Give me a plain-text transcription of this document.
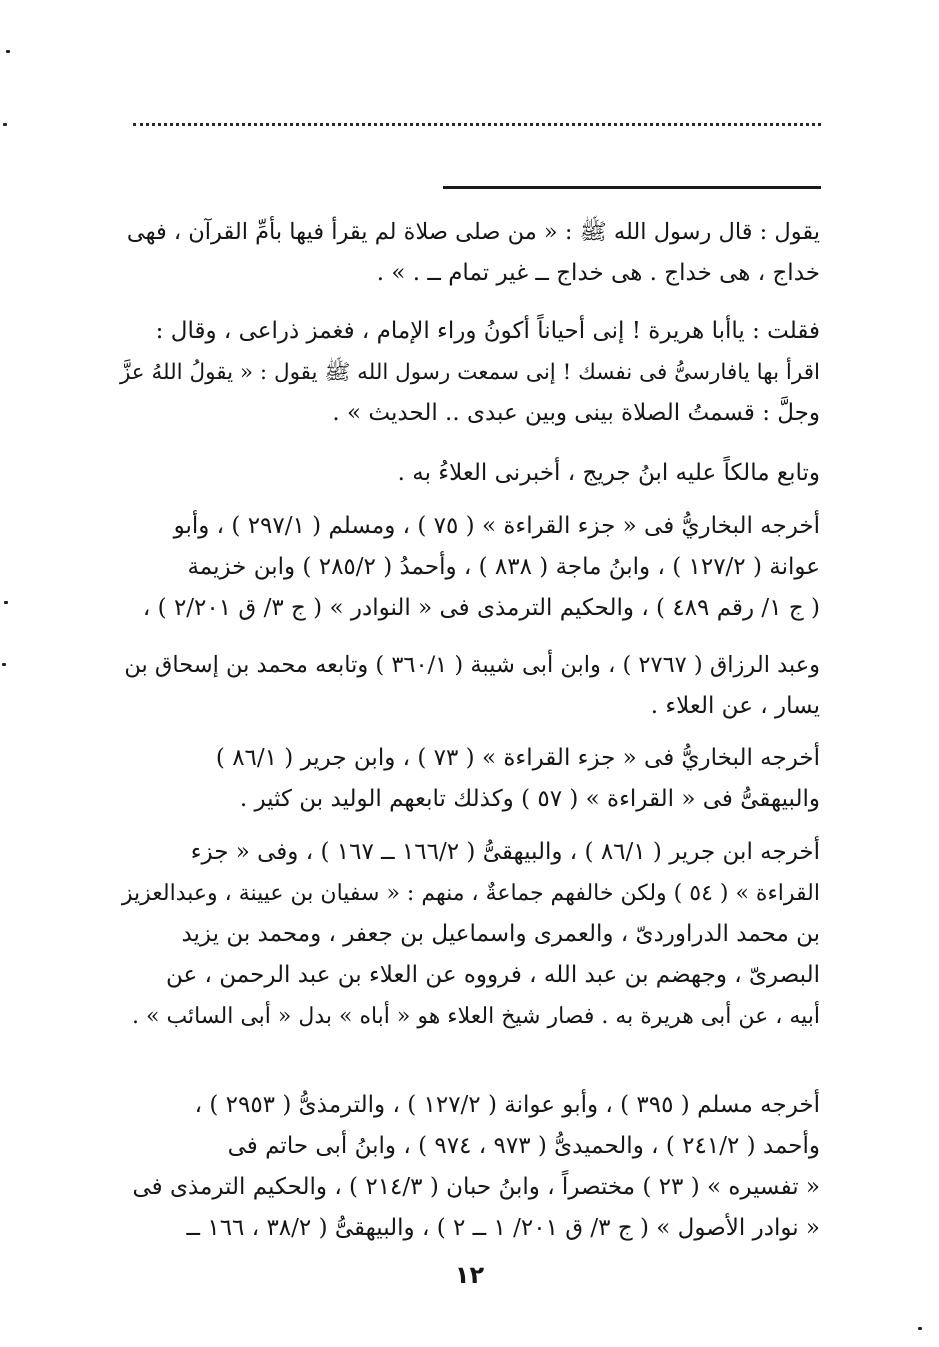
يقول : قال رسول الله ﷺ : « من صلى صلاة لم يقرأ فيها بأمِّ القرآن ، فهى
خداج ، هى خداج . هى خداج ــ غير تمام ــ . » .
فقلت : ياأبا هريرة ! إنى أحياناً أكونُ وراء الإمام ، فغمز ذراعى ، وقال :
اقرأ بها يافارسىُّ فى نفسك ! إنى سمعت رسول الله ﷺ يقول : « يقولُ اللهُ عزَّ
وجلَّ : قسمتُ الصلاة بينى وبين عبدى .. الحديث » .
وتابع مالكاً عليه ابنُ جريج ، أخبرنى العلاءُ به .
أخرجه البخاريُّ فى « جزء القراءة » ( ٧٥ ) ، ومسلم ( ٢٩٧/١ ) ، وأبو
عوانة ( ١٢٧/٢ ) ، وابنُ ماجة ( ٨٣٨ ) ، وأحمدُ ( ٢٨٥/٢ ) وابن خزيمة
( ج ١/ رقم ٤٨٩ ) ، والحكيم الترمذى فى « النوادر » ( ج ٣/ ق ٢/٢٠١ ) ،
وعبد الرزاق ( ٢٧٦٧ ) ، وابن أبى شيبة ( ٣٦٠/١ ) وتابعه محمد بن إسحاق بن
يسار ، عن العلاء .
أخرجه البخاريُّ فى « جزء القراءة » ( ٧٣ ) ، وابن جرير ( ٨٦/١ )
والبيهقىُّ فى « القراءة » ( ٥٧ ) وكذلك تابعهم الوليد بن كثير .
أخرجه ابن جرير ( ٨٦/١ ) ، والبيهقىُّ ( ١٦٦/٢ ــ ١٦٧ ) ، وفى « جزء
القراءة » ( ٥٤ ) ولكن خالفهم جماعةٌ ، منهم : « سفيان بن عيينة ، وعبدالعزيز
بن محمد الدراوردىّ ، والعمرى واسماعيل بن جعفر ، ومحمد بن يزيد
البصرىّ ، وجهضم بن عبد الله ، فرووه عن العلاء بن عبد الرحمن ، عن
أبيه ، عن أبى هريرة به . فصار شيخ العلاء هو « أباه » بدل « أبى السائب » .
أخرجه مسلم ( ٣٩٥ ) ، وأبو عوانة ( ١٢٧/٢ ) ، والترمذىُّ ( ٢٩٥٣ ) ،
وأحمد ( ٢٤١/٢ ) ، والحميدىُّ ( ٩٧٣ ، ٩٧٤ ) ، وابنُ أبى حاتم فى
« تفسيره » ( ٢٣ ) مختصراً ، وابنُ حبان ( ٢١٤/٣ ) ، والحكيم الترمذى فى
« نوادر الأصول » ( ج ٣/ ق ٢٠١/ ١ ــ ٢ ) ، والبيهقىُّ ( ٣٨/٢ ، ١٦٦ ــ
١٢
